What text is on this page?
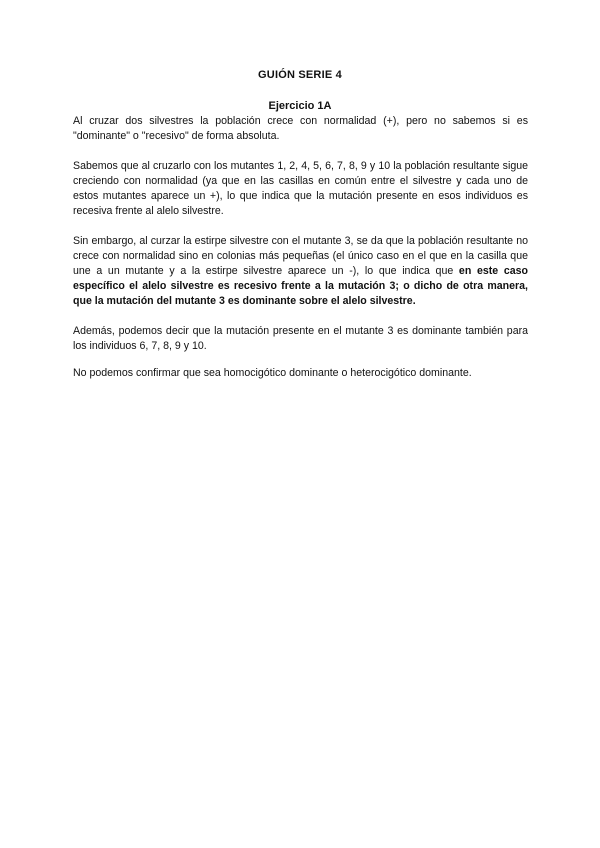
GUIÓN SERIE 4
Ejercicio 1A

Al cruzar dos silvestres la población crece con normalidad (+), pero no sabemos si es "dominante" o "recesivo" de forma absoluta.

Sabemos que al cruzarlo con los mutantes 1, 2, 4, 5, 6, 7, 8, 9 y 10 la población resultante sigue creciendo con normalidad (ya que en las casillas en común entre el silvestre y cada uno de estos mutantes aparece un +), lo que indica que la mutación presente en esos individuos es recesiva frente al alelo silvestre.

Sin embargo, al curzar la estirpe silvestre con el mutante 3, se da que la población resultante no crece con normalidad sino en colonias más pequeñas (el único caso en el que en la casilla que une a un mutante y a la estirpe silvestre aparece un -), lo que indica que en este caso específico el alelo silvestre es recesivo frente a la mutación 3; o dicho de otra manera, que la mutación del mutante 3 es dominante sobre el alelo silvestre.

Además, podemos decir que la mutación presente en el mutante 3 es dominante también para los individuos 6, 7, 8, 9 y 10.

No podemos confirmar que sea homocigótico dominante o heterocigótico dominante.
